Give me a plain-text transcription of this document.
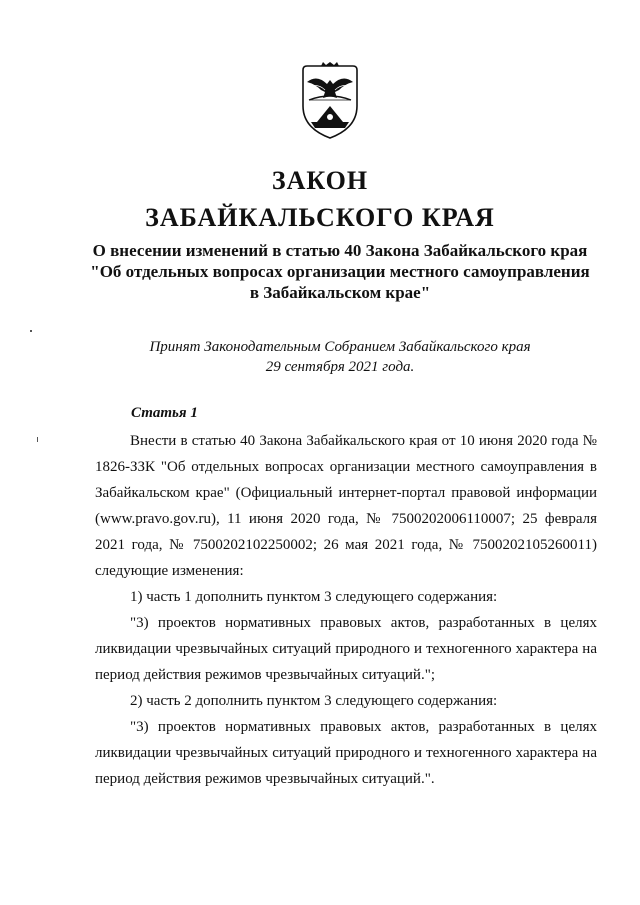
ЗАКОН
ЗАБАЙКАЛЬСКОГО КРАЯ
О внесении изменений в статью 40 Закона Забайкальского края
"Об отдельных вопросах организации местного самоуправления
в Забайкальском крае"
Принят Законодательным Собранием Забайкальского края
29 сентября 2021 года.
Статья 1

Внести в статью 40 Закона Забайкальского края от 10 июня 2020 года № 1826-ЗЗК "Об отдельных вопросах организации местного самоуправления в Забайкальском крае" (Официальный интернет-портал правовой информации (www.pravo.gov.ru), 11 июня 2020 года, № 7500202006110007; 25 февраля 2021 года, № 7500202102250002; 26 мая 2021 года, № 7500202105260011) следующие изменения:

1) часть 1 дополнить пунктом 3 следующего содержания:

"3) проектов нормативных правовых актов, разработанных в целях ликвидации чрезвычайных ситуаций природного и техногенного характера на период действия режимов чрезвычайных ситуаций.";

2) часть 2 дополнить пунктом 3 следующего содержания:

"3) проектов нормативных правовых актов, разработанных в целях ликвидации чрезвычайных ситуаций природного и техногенного характера на период действия режимов чрезвычайных ситуаций.".
